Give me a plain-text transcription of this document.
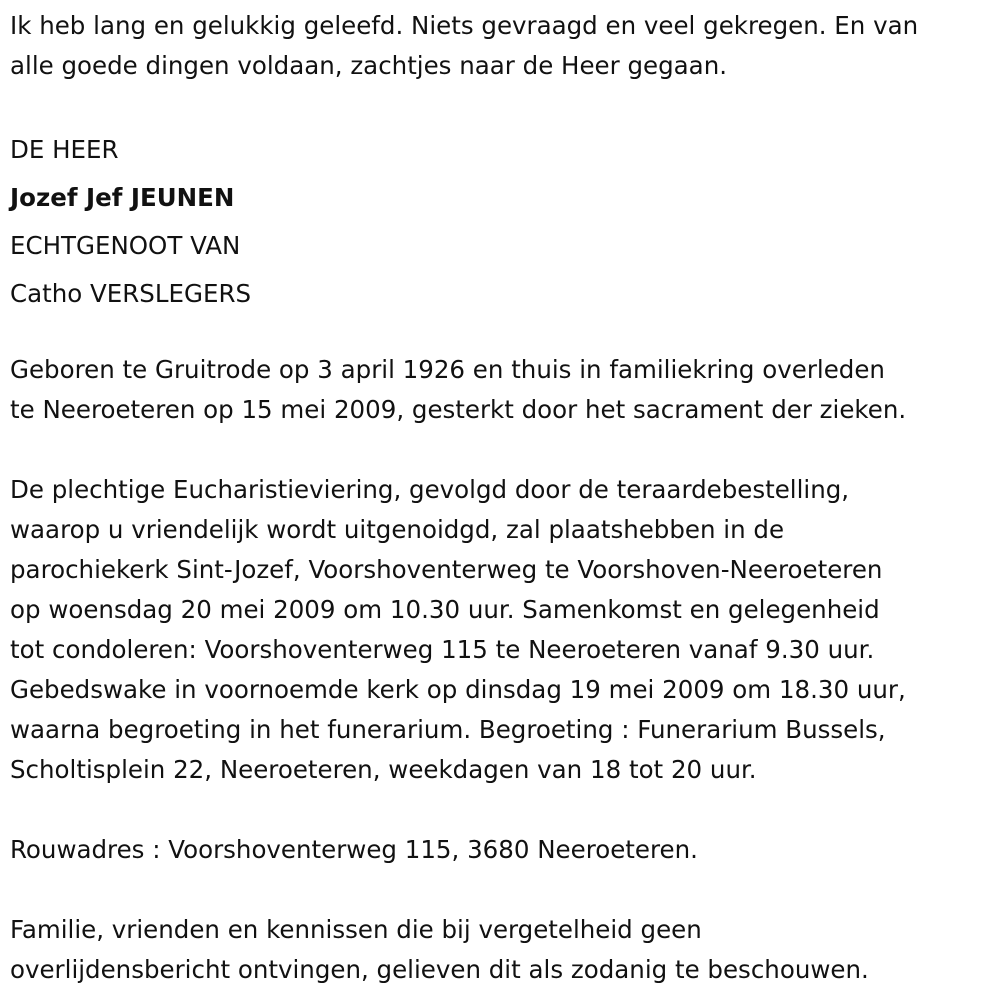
Ik heb lang en gelukkig geleefd. Niets gevraagd en veel gekregen. En van
alle goede dingen voldaan, zachtjes naar de Heer gegaan.

DE HEER
Jozef Jef JEUNEN
ECHTGENOOT VAN
Catho VERSLEGERS

Geboren te Gruitrode op 3 april 1926 en thuis in familiekring overleden
te Neeroeteren op 15 mei 2009, gesterkt door het sacrament der zieken.

De plechtige Eucharistieviering, gevolgd door de teraardebestelling,
waarop u vriendelijk wordt uitgenoidgd, zal plaatshebben in de
parochiekerk Sint-Jozef, Voorshoventerweg te Voorshoven-Neeroeteren
op woensdag 20 mei 2009 om 10.30 uur. Samenkomst en gelegenheid
tot condoleren: Voorshoventerweg 115 te Neeroeteren vanaf 9.30 uur.
Gebedswake in voornoemde kerk op dinsdag 19 mei 2009 om 18.30 uur,
waarna begroeting in het funerarium. Begroeting : Funerarium Bussels,
Scholtisplein 22, Neeroeteren, weekdagen van 18 tot 20 uur.

Rouwadres : Voorshoventerweg 115, 3680 Neeroeteren.

Familie, vrienden en kennissen die bij vergetelheid geen
overlijdensbericht ontvingen, gelieven dit als zodanig te beschouwen.
